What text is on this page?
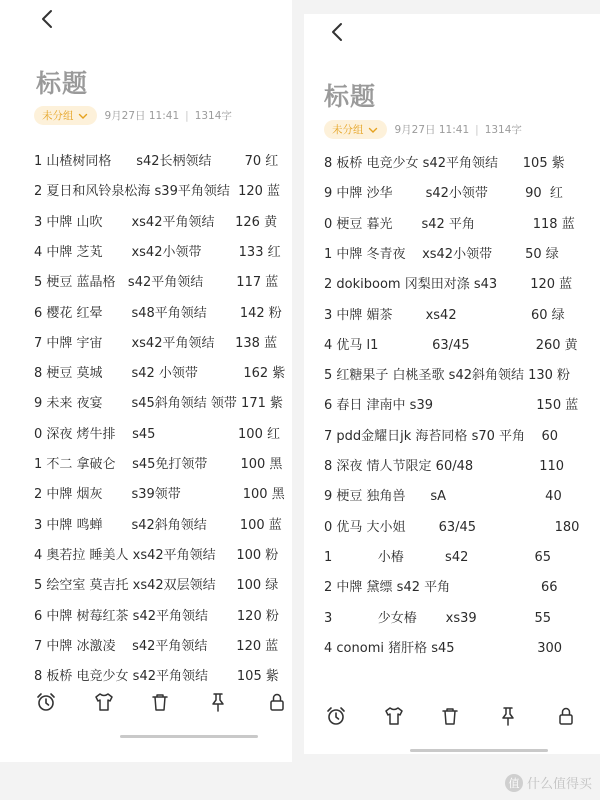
标题
未分组	9月27日 11:41 | 1314字
1 山楂树同格      s42长柄领结        70 红
2 夏日和风铃泉松海 s39平角领结  120 蓝
3 中牌 山吹       xs42平角领结     126 黄
4 中牌 芝芄       xs42小领带         133 红
5 梗豆 蓝晶格   s42平角领结        117 蓝
6 樱花 红晕       s48平角领结        142 粉
7 中牌 宇宙       xs42平角领结     138 蓝
8 梗豆 莫城       s42 小领带           162 紫
9 未来 夜宴       s45斜角领结 领带 171 紫
0 深夜 烤牛排    s45                    100 红
1 不二 拿破仑    s45免打领带        100 黑
2 中牌 烟灰       s39领带               100 黑
3 中牌 鸣蝉       s42斜角领结        100 蓝
4 奥若拉 睡美人 xs42平角领结     100 粉
5 绘空室 莫吉托 xs42双层领结     100 绿
6 中牌 树莓红茶 s42平角领结       120 粉
7 中牌 冰激凌    s42平角领结       120 蓝
8 板桥 电竞少女 s42平角领结       105 紫
标题
未分组	9月27日 11:41 | 1314字
8 板桥 电竞少女 s42平角领结      105 紫
9 中牌 沙华        s42小领带         90  红
0 梗豆 暮光       s42 平角              118 蓝
1 中牌 冬青夜    xs42小领带        50 绿
2 dokiboom 冈梨田对涤 s43        120 蓝
3 中牌 媚茶        xs42                  60 绿
4 优马 l1             63/45                260 黄
5 红糖果子 白桃圣歌 s42斜角领结 130 粉
6 春日 津南中 s39                         150 蓝
7 pdd金耀日jk 海苔同格 s70 平角    60
8 深夜 情人节限定 60/48                110
9 梗豆 独角兽      sA                        40
0 优马 大小姐        63/45                   180
1           小椿          s42                65
2 中牌 黛缥 s42 平角                      66
3           少女椿       xs39              55
4 conomi 猪肝格 s45                    300
值 什么值得买
